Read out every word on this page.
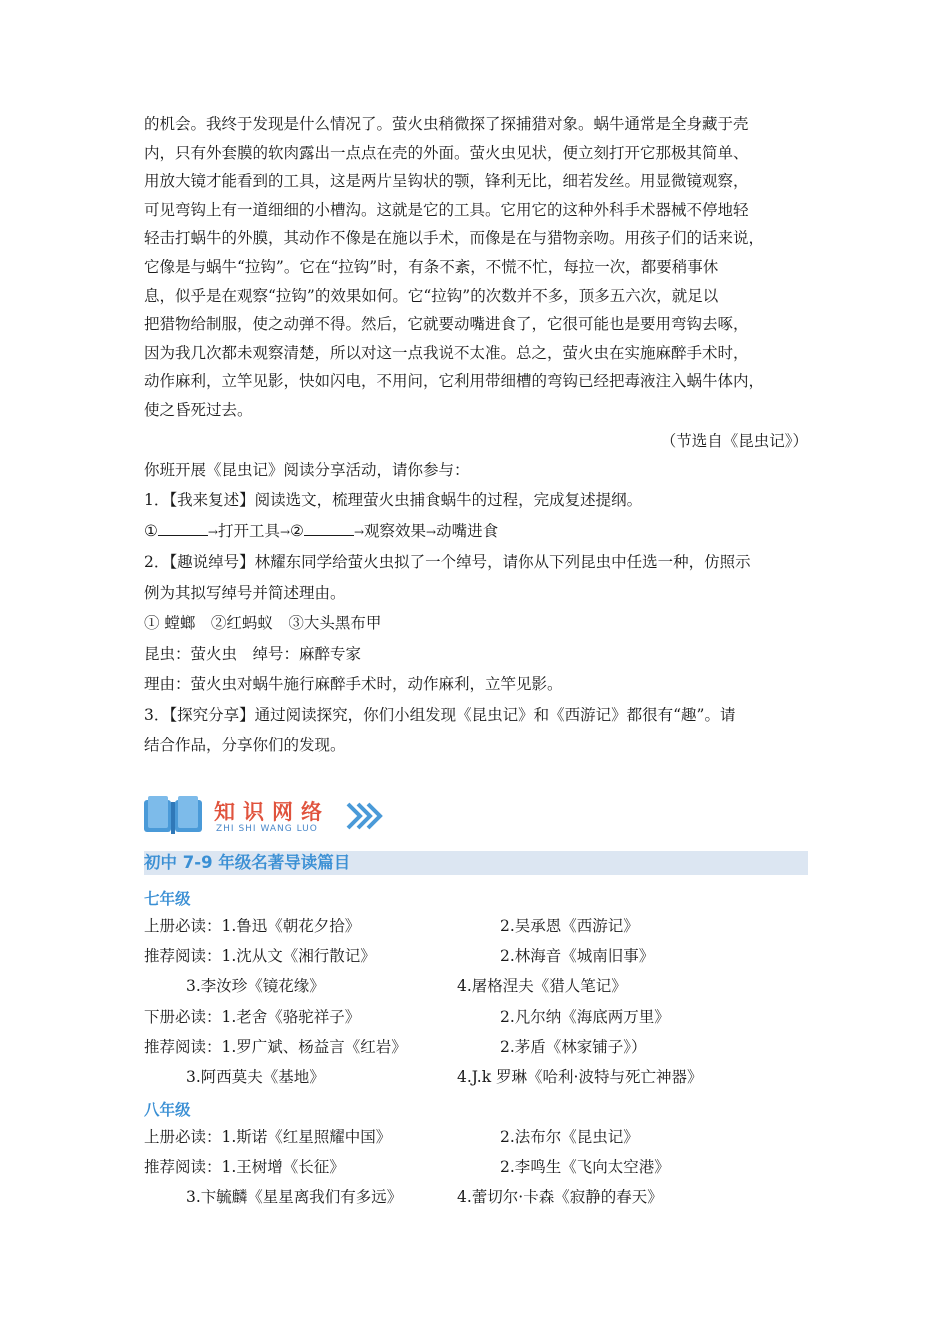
的机会。我终于发现是什么情况了。萤火虫稍微探了探捕猎对象。蜗牛通常是全身藏于壳
内，只有外套膜的软肉露出一点点在壳的外面。萤火虫见状，便立刻打开它那极其简单、
用放大镜才能看到的工具，这是两片呈钩状的颚，锋利无比，细若发丝。用显微镜观察，
可见弯钩上有一道细细的小槽沟。这就是它的工具。它用它的这种外科手术器械不停地轻
轻击打蜗牛的外膜，其动作不像是在施以手术，而像是在与猎物亲吻。用孩子们的话来说，
它像是与蜗牛“拉钩”。它在“拉钩”时，有条不紊，不慌不忙，每拉一次，都要稍事休
息，似乎是在观察“拉钩”的效果如何。它“拉钩”的次数并不多，顶多五六次，就足以
把猎物给制服，使之动弹不得。然后，它就要动嘴进食了，它很可能也是要用弯钩去啄，
因为我几次都未观察清楚，所以对这一点我说不太准。总之，萤火虫在实施麻醉手术时，
动作麻利，立竿见影，快如闪电，不用问，它利用带细槽的弯钩已经把毒液注入蜗牛体内，
使之昏死过去。

（节选自《昆虫记》）

你班开展《昆虫记》阅读分享活动，请你参与：

1．【我来复述】阅读选文，梳理萤火虫捕食蜗牛的过程，完成复述提纲。

①	→打开工具→②	→观察效果→动嘴进食

2．【趣说绰号】林耀东同学给萤火虫拟了一个绰号，请你从下列昆虫中任选一种，仿照示

例为其拟写绰号并简述理由。

① 螳螂　②红蚂蚁　③大头黑布甲

昆虫：萤火虫　绰号：麻醉专家

理由：萤火虫对蜗牛施行麻醉手术时，动作麻利，立竿见影。

3．【探究分享】通过阅读探究，你们小组发现《昆虫记》和《西游记》都很有“趣”。请

结合作品，分享你们的发现。

知识网络
ZHI SHI WANG LUO
初中 7-9 年级名著导读篇目
七年级
上册必读：1.鲁迅《朝花夕拾》	2.吴承恩《西游记》
推荐阅读：1.沈从文《湘行散记》	2.林海音《城南旧事》
3.李汝珍《镜花缘》	4.屠格涅夫《猎人笔记》
下册必读：1.老舍《骆驼祥子》	2.凡尔纳《海底两万里》
推荐阅读：1.罗广斌、杨益言《红岩》	2.茅盾《林家铺子》）
3.阿西莫夫《基地》	4.J.k 罗琳《哈利·波特与死亡神器》
八年级
上册必读：1.斯诺《红星照耀中国》	2.法布尔《昆虫记》
推荐阅读：1.王树增《长征》	2.李鸣生《飞向太空港》
3.卞毓麟《星星离我们有多远》	4.蕾切尔·卡森《寂静的春天》
